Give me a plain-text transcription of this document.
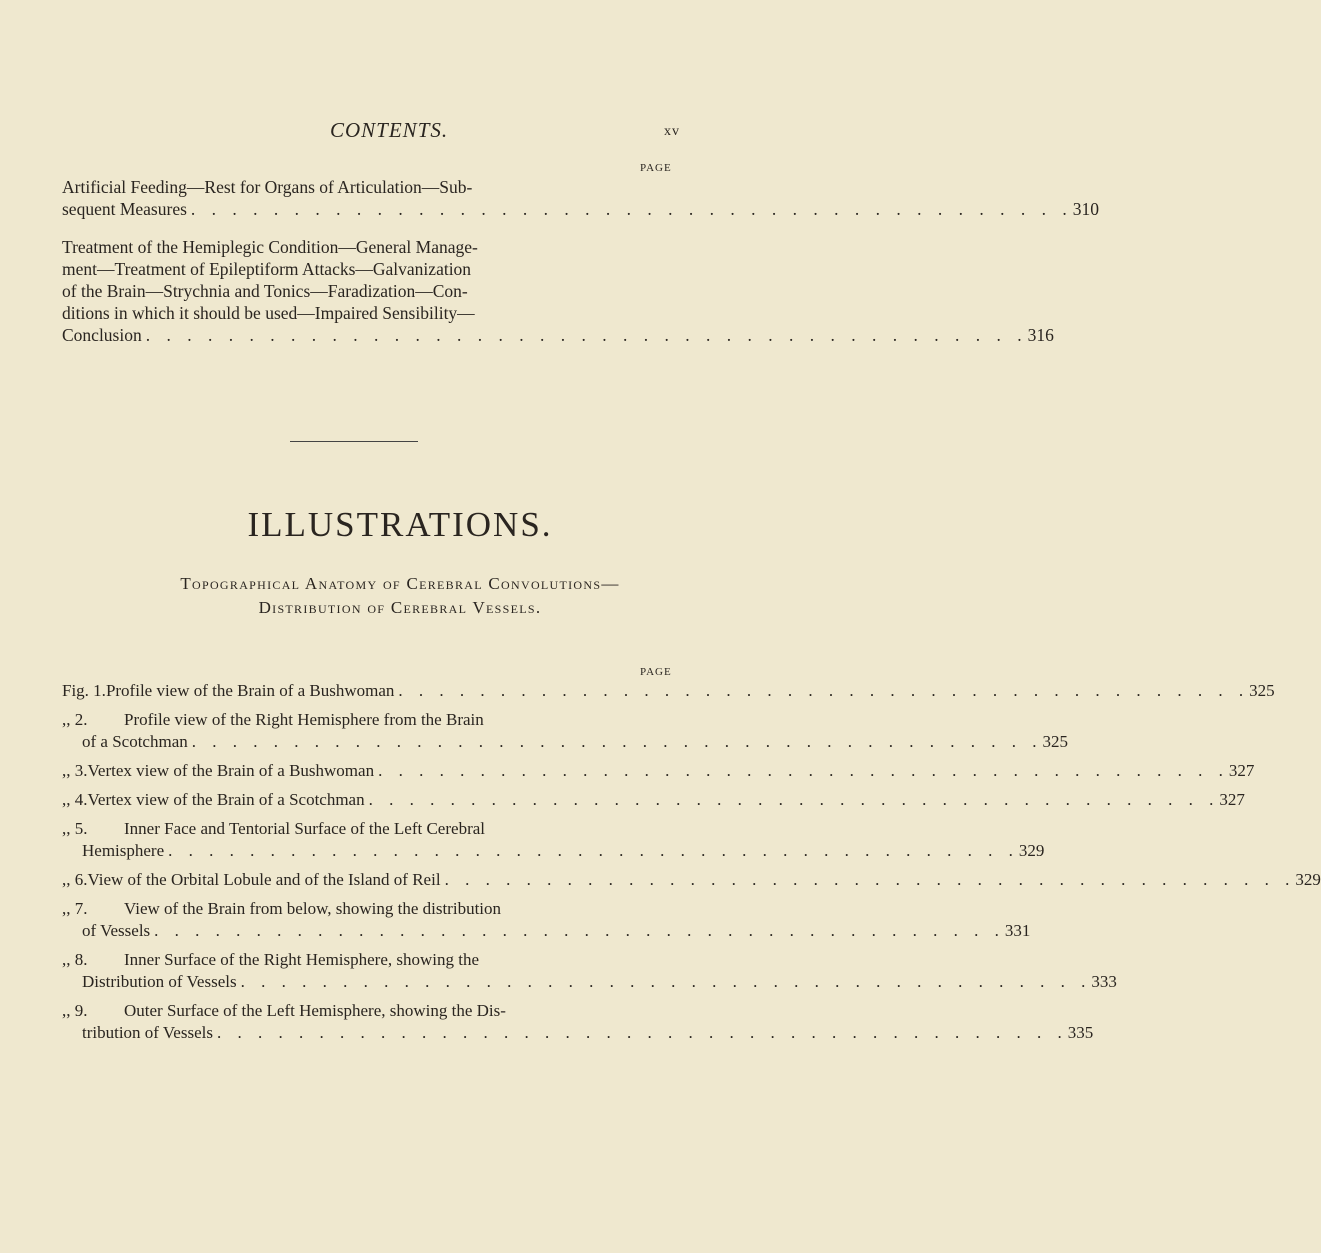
CONTENTS.	xv
PAGE
Artificial Feeding—Rest for Organs of Articulation—Sub-
sequent Measures . . . . . . . . . . . . . . . . . . . . . . . . . . . . . . . . . . . . . . . . . . . 310
Treatment of the Hemiplegic Condition—General Manage-
ment—Treatment of Epileptiform Attacks—Galvanization
of the Brain—Strychnia and Tonics—Faradization—Con-
ditions in which it should be used—Impaired Sensibility—
Conclusion . . . . . . . . . . . . . . . . . . . . . . . . . . . . . . . . . . . . . . . . . . . 316
ILLUSTRATIONS.
Topographical Anatomy of Cerebral Convolutions—
Distribution of Cerebral Vessels.
PAGE
Fig. 1. Profile view of the Brain of a Bushwoman . . . . . . . . . . . . . . . . . . . . . . . . . . . . . . . . . . . . . . . . . . 325
,, 2.	Profile view of the Right Hemisphere from the Brain
of a Scotchman . . . . . . . . . . . . . . . . . . . . . . . . . . . . . . . . . . . . . . . . . . 325
,, 3. Vertex view of the Brain of a Bushwoman . . . . . . . . . . . . . . . . . . . . . . . . . . . . . . . . . . . . . . . . . . 327
,, 4. Vertex view of the Brain of a Scotchman . . . . . . . . . . . . . . . . . . . . . . . . . . . . . . . . . . . . . . . . . . 327
,, 5.	Inner Face and Tentorial Surface of the Left Cerebral
Hemisphere . . . . . . . . . . . . . . . . . . . . . . . . . . . . . . . . . . . . . . . . . . 329
,, 6. View of the Orbital Lobule and of the Island of Reil . . . . . . . . . . . . . . . . . . . . . . . . . . . . . . . . . . . . . . . . . . 329
,, 7.	View of the Brain from below, showing the distribution
of Vessels . . . . . . . . . . . . . . . . . . . . . . . . . . . . . . . . . . . . . . . . . . 331
,, 8.	Inner Surface of the Right Hemisphere, showing the
Distribution of Vessels . . . . . . . . . . . . . . . . . . . . . . . . . . . . . . . . . . . . . . . . . . 333
,, 9.	Outer Surface of the Left Hemisphere, showing the Dis-
tribution of Vessels . . . . . . . . . . . . . . . . . . . . . . . . . . . . . . . . . . . . . . . . . . 335
